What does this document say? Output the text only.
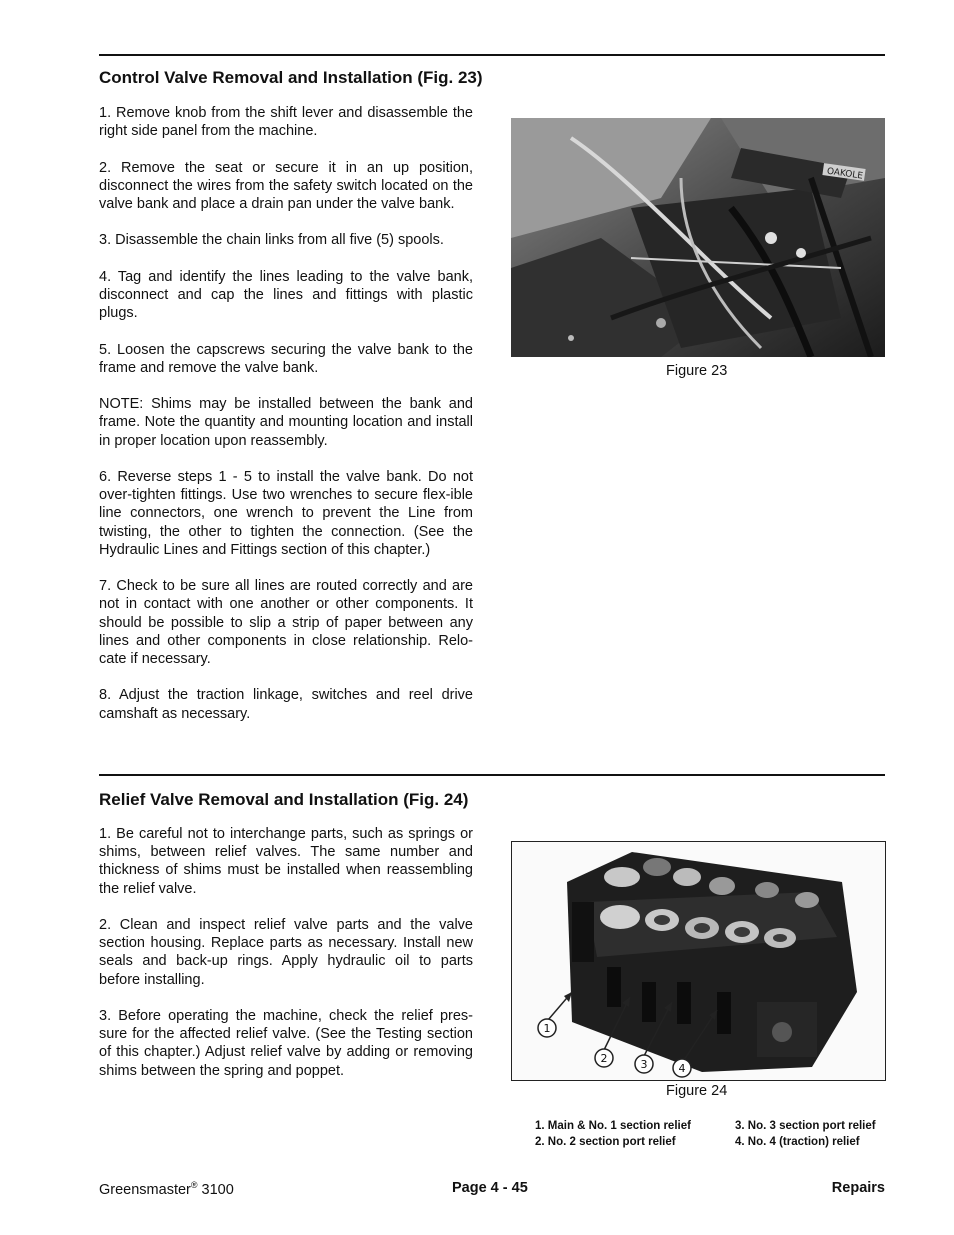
Control Valve Removal and Installation (Fig. 23)

1. Remove knob from the shift lever and disassemble the right side panel from the machine.

2. Remove the seat or secure it in an up position, disconnect the wires from the safety switch located on the valve bank and place a drain pan under the valve bank.

3. Disassemble the chain links from all five (5) spools.

4. Tag and identify the lines leading to the valve bank, disconnect and cap the lines and fittings with plastic plugs.

5. Loosen the capscrews securing the valve bank to the frame and remove the valve bank.

NOTE: Shims may be installed between the bank and frame. Note the quantity and mounting location and install in proper location upon reassembly.

6. Reverse steps 1 - 5 to install the valve bank. Do not over-tighten fittings. Use two wrenches to secure flex-ible line connectors, one wrench to prevent the Line from twisting, the other to tighten the connection. (See the Hydraulic Lines and Fittings section of this chapter.)

7. Check to be sure all lines are routed correctly and are not in contact with one another or other components. It should be possible to slip a strip of paper between any lines and other components in close relationship. Relo-cate if necessary.

8. Adjust the traction linkage, switches and reel drive camshaft as necessary.

OAKOLE
Figure 23
Relief Valve Removal and Installation (Fig. 24)

1. Be careful not to interchange parts, such as springs or shims, between relief valves. The same number and thickness of shims must be installed when reassembling the relief valve.

2. Clean and inspect relief valve parts and the valve section housing. Replace parts as necessary. Install new seals and back-up rings. Apply hydraulic oil to parts before installing.

3. Before operating the machine, check the relief pres-sure for the affected relief valve. (See the Testing section of this chapter.) Adjust relief valve by adding or removing shims between the spring and poppet.

1
2	3	4
Figure 24
1. Main & No. 1 section relief
2. No. 2 section port relief
3. No. 3 section port relief
4. No. 4 (traction) relief
Greensmaster® 3100	Page 4 - 45	Repairs
